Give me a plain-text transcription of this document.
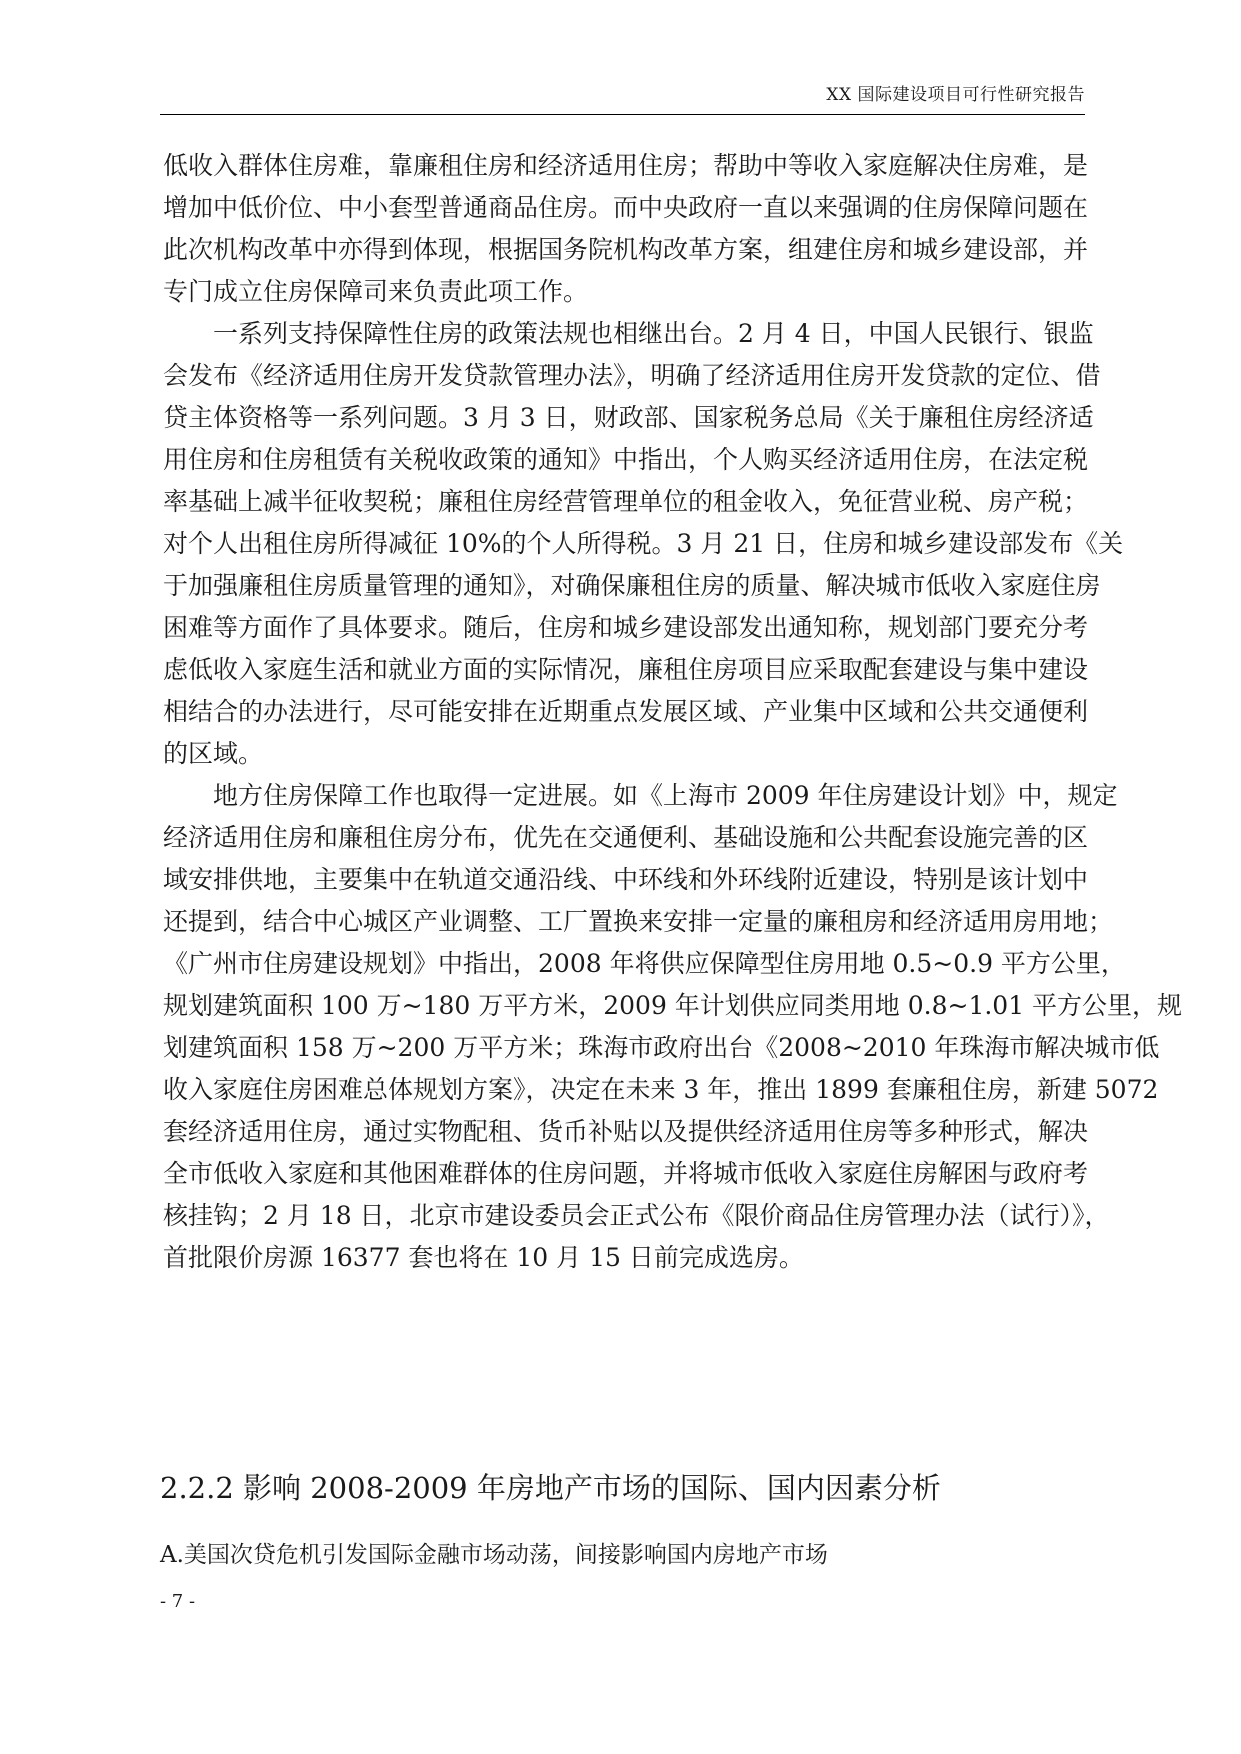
XX 国际建设项目可行性研究报告
低收入群体住房难，靠廉租住房和经济适用住房；帮助中等收入家庭解决住房难，是
增加中低价位、中小套型普通商品住房。而中央政府一直以来强调的住房保障问题在
此次机构改革中亦得到体现，根据国务院机构改革方案，组建住房和城乡建设部，并
专门成立住房保障司来负责此项工作。
一系列支持保障性住房的政策法规也相继出台。2 月 4 日，中国人民银行、银监
会发布《经济适用住房开发贷款管理办法》，明确了经济适用住房开发贷款的定位、借
贷主体资格等一系列问题。3 月 3 日，财政部、国家税务总局《关于廉租住房经济适
用住房和住房租赁有关税收政策的通知》中指出，个人购买经济适用住房，在法定税
率基础上减半征收契税；廉租住房经营管理单位的租金收入，免征营业税、房产税；
对个人出租住房所得减征 10%的个人所得税。3 月 21 日，住房和城乡建设部发布《关
于加强廉租住房质量管理的通知》，对确保廉租住房的质量、解决城市低收入家庭住房
困难等方面作了具体要求。随后，住房和城乡建设部发出通知称，规划部门要充分考
虑低收入家庭生活和就业方面的实际情况，廉租住房项目应采取配套建设与集中建设
相结合的办法进行，尽可能安排在近期重点发展区域、产业集中区域和公共交通便利
的区域。
地方住房保障工作也取得一定进展。如《上海市 2009 年住房建设计划》中，规定
经济适用住房和廉租住房分布，优先在交通便利、基础设施和公共配套设施完善的区
域安排供地，主要集中在轨道交通沿线、中环线和外环线附近建设，特别是该计划中
还提到，结合中心城区产业调整、工厂置换来安排一定量的廉租房和经济适用房用地；
《广州市住房建设规划》中指出，2008 年将供应保障型住房用地 0.5~0.9 平方公里，
规划建筑面积 100 万~180 万平方米，2009 年计划供应同类用地 0.8~1.01 平方公里，规
划建筑面积 158 万~200 万平方米；珠海市政府出台《2008~2010 年珠海市解决城市低
收入家庭住房困难总体规划方案》，决定在未来 3 年，推出 1899 套廉租住房，新建 5072
套经济适用住房，通过实物配租、货币补贴以及提供经济适用住房等多种形式，解决
全市低收入家庭和其他困难群体的住房问题，并将城市低收入家庭住房解困与政府考
核挂钩；2 月 18 日，北京市建设委员会正式公布《限价商品住房管理办法（试行）》，
首批限价房源 16377 套也将在 10 月 15 日前完成选房。
2.2.2 影响 2008-2009 年房地产市场的国际、国内因素分析
A.美国次贷危机引发国际金融市场动荡，间接影响国内房地产市场
- 7 -
